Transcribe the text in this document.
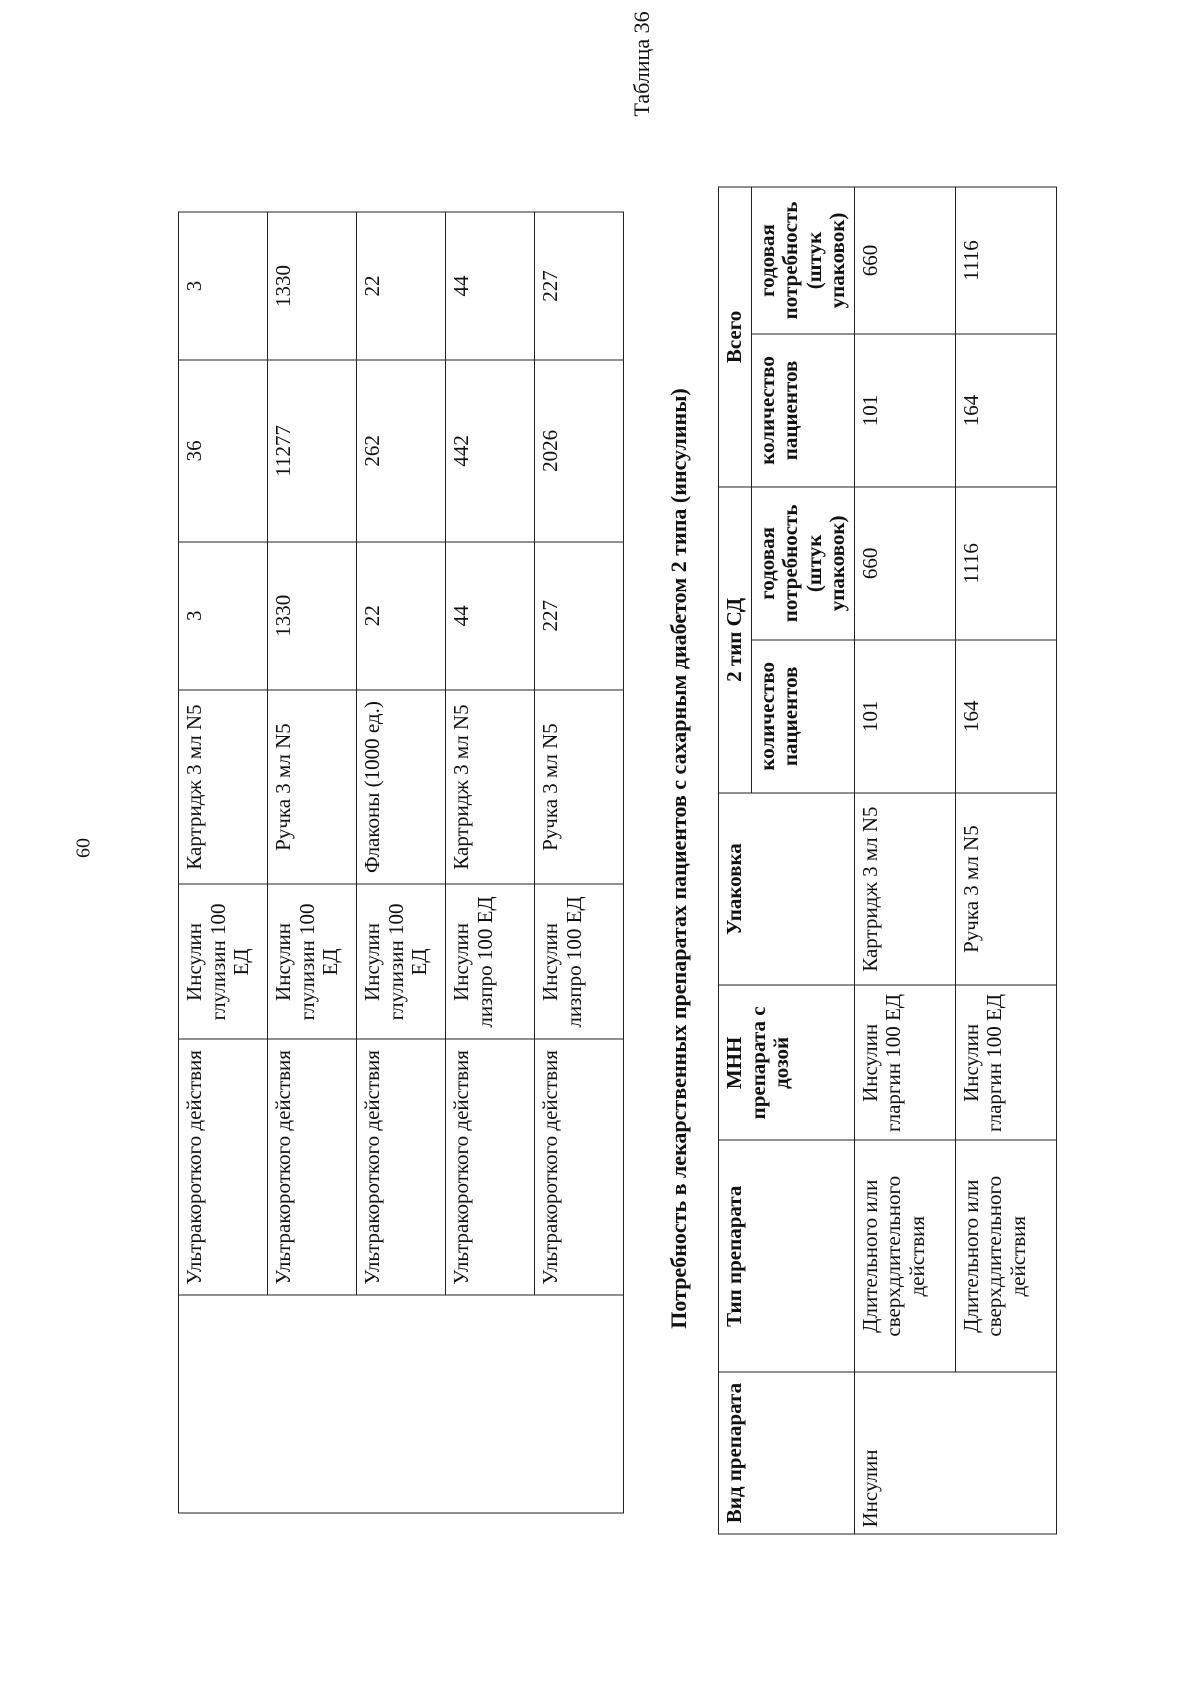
60
	Ультракороткого действия	Инсулин глулизин 100 ЕД	Картридж 3 мл N5	3	36	3
	Ультракороткого действия	Инсулин глулизин 100 ЕД	Ручка 3 мл N5	1330	11277	1330
	Ультракороткого действия	Инсулин глулизин 100 ЕД	Флаконы (1000 ед.)	22	262	22
	Ультракороткого действия	Инсулин лизпро 100 ЕД	Картридж 3 мл N5	44	442	44
	Ультракороткого действия	Инсулин лизпро 100 ЕД	Ручка 3 мл N5	227	2026	227
Таблица 36
Потребность в лекарственных препаратах пациентов с сахарным диабетом 2 типа (инсулины)
Вид препарата	Тип препарата	МНН препарата с дозой	Упаковка	2 тип СД		Всего	
				количество пациентов	годовая потребность (штук упаковок)	количество пациентов	годовая потребность (штук упаковок)
Инсулин	Длительного или сверхдлительного действия	Инсулин гларгин 100 ЕД	Картридж 3 мл N5	101	660	101	660
	Длительного или сверхдлительного действия	Инсулин гларгин 100 ЕД	Ручка 3 мл N5	164	1116	164	1116
